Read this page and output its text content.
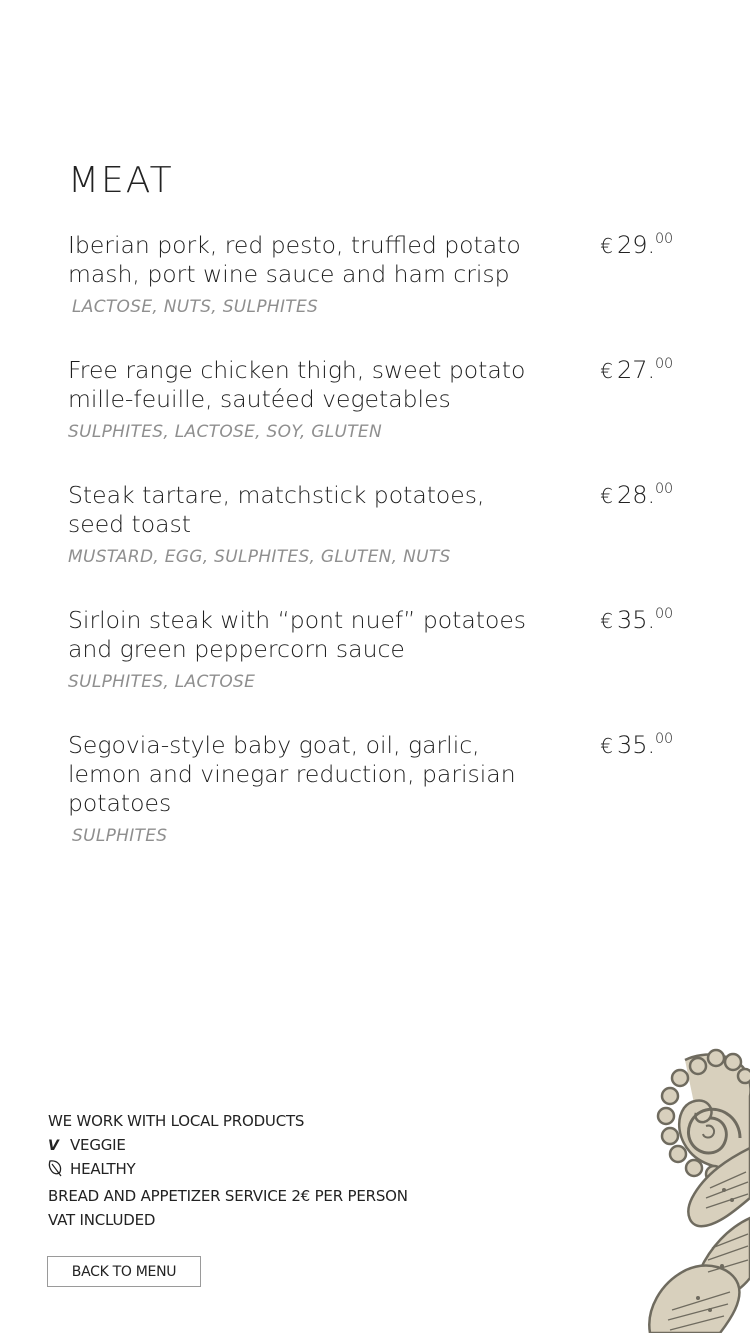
MEAT
Iberian pork, red pesto, truffled potato mash, port wine sauce and ham crisp
LACTOSE, NUTS, SULPHITES
€ 29.00
Free range chicken thigh, sweet potato mille-feuille, sautéed vegetables
SULPHITES, LACTOSE, SOY, GLUTEN
€ 27.00
Steak tartare, matchstick potatoes, seed toast
MUSTARD, EGG, SULPHITES, GLUTEN, NUTS
€ 28.00
Sirloin steak with “pont nuef” potatoes and green peppercorn sauce
SULPHITES, LACTOSE
€ 35.00
Segovia-style baby goat, oil, garlic, lemon and vinegar reduction, parisian potatoes
SULPHITES
€ 35.00
WE WORK WITH LOCAL PRODUCTS
V VEGGIE
HEALTHY
BREAD AND APPETIZER SERVICE 2€ PER PERSON
VAT INCLUDED
BACK TO MENU
